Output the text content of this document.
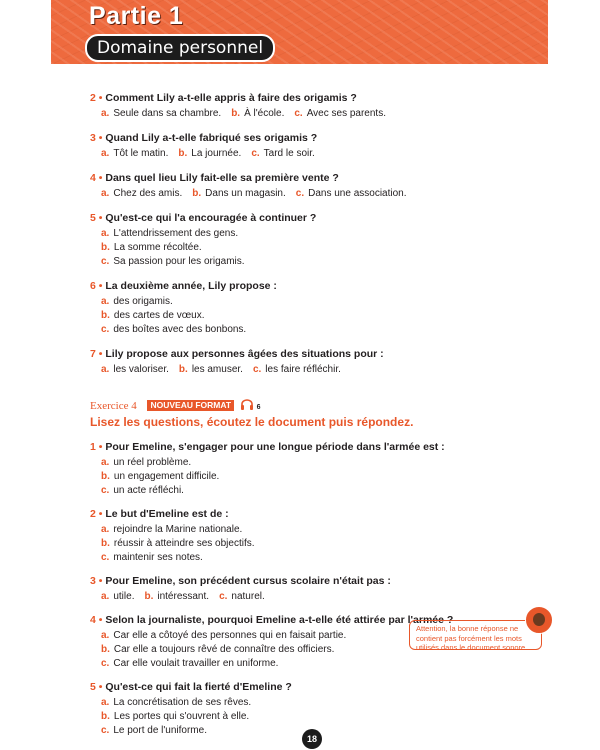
Partie 1
Domaine personnel
2 • Comment Lily a-t-elle appris à faire des origamis ?
a. Seule dans sa chambre. b. À l'école. c. Avec ses parents.
3 • Quand Lily a-t-elle fabriqué ses origamis ?
a. Tôt le matin. b. La journée. c. Tard le soir.
4 • Dans quel lieu Lily fait-elle sa première vente ?
a. Chez des amis. b. Dans un magasin. c. Dans une association.
5 • Qu'est-ce qui l'a encouragée à continuer ?
a. L'attendrissement des gens.
b. La somme récoltée.
c. Sa passion pour les origamis.
6 • La deuxième année, Lily propose :
a. des origamis.
b. des cartes de vœux.
c. des boîtes avec des bonbons.
7 • Lily propose aux personnes âgées des situations pour :
a. les valoriser. b. les amuser. c. les faire réfléchir.
Exercice 4 NOUVEAU FORMAT	6
Lisez les questions, écoutez le document puis répondez.
1 • Pour Emeline, s'engager pour une longue période dans l'armée est :
a. un réel problème.
b. un engagement difficile.
c. un acte réfléchi.
2 • Le but d'Emeline est de :
a. rejoindre la Marine nationale.
b. réussir à atteindre ses objectifs.
c. maintenir ses notes.
3 • Pour Emeline, son précédent cursus scolaire n'était pas :
a. utile. b. intéressant. c. naturel.
4 • Selon la journaliste, pourquoi Emeline a-t-elle été attirée par l'armée ?
a. Car elle a côtoyé des personnes qui en faisait partie.
b. Car elle a toujours rêvé de connaître des officiers.
c. Car elle voulait travailler en uniforme.
5 • Qu'est-ce qui fait la fierté d'Emeline ?
a. La concrétisation de ses rêves.
b. Les portes qui s'ouvrent à elle.
c. Le port de l'uniforme.
Attention, la bonne réponse ne contient pas forcément les mots utilisés dans le document sonore
18
